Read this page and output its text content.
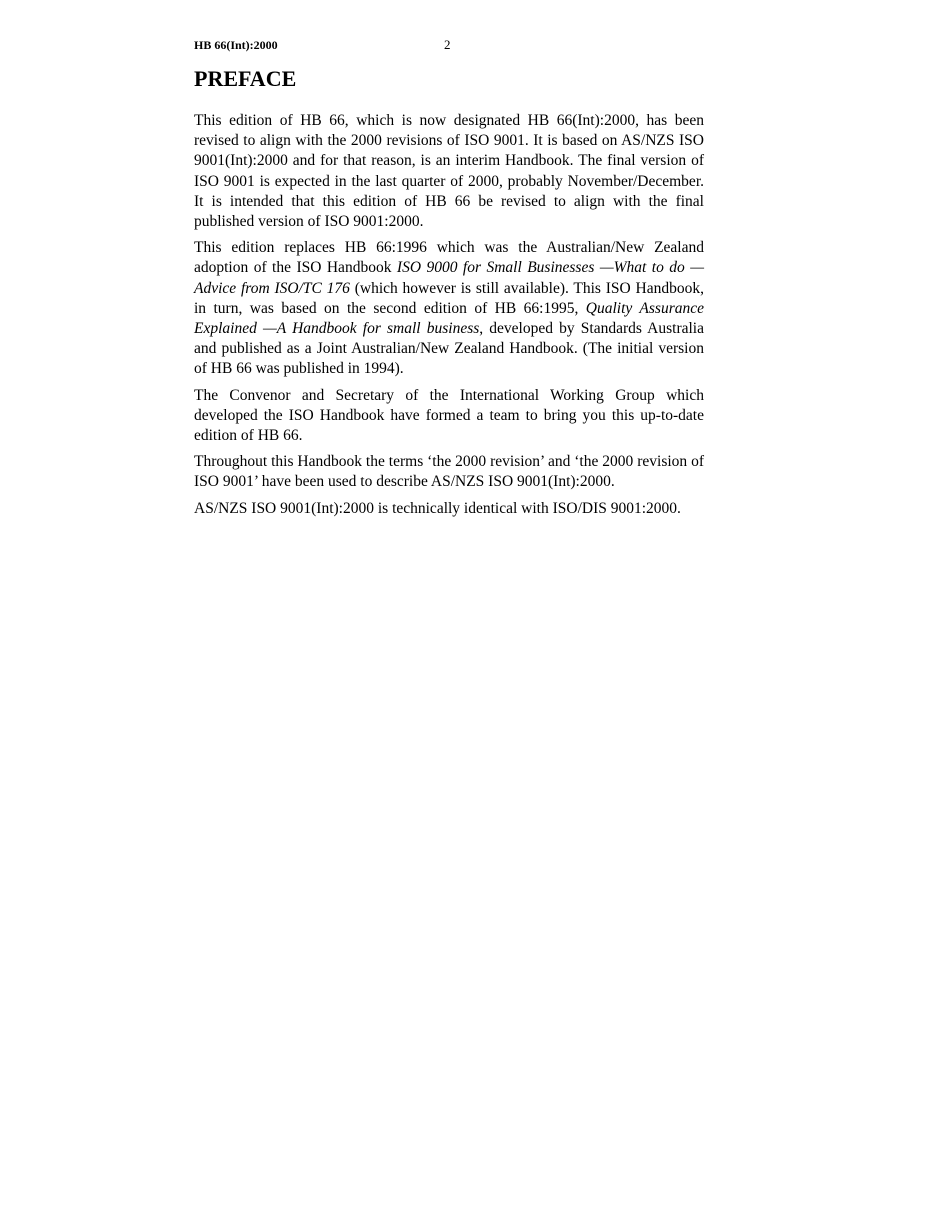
HB 66(Int):2000	2
PREFACE

This edition of HB 66, which is now designated HB 66(Int):2000, has been revised to align with the 2000 revisions of ISO 9001. It is based on AS/NZS ISO 9001(Int):2000 and for that reason, is an interim Handbook. The final version of ISO 9001 is expected in the last quarter of 2000, probably November/December. It is intended that this edition of HB 66 be revised to align with the final published version of ISO 9001:2000.

This edition replaces HB 66:1996 which was the Australian/New Zealand adoption of the ISO Handbook ISO 9000 for Small Businesses —What to do —Advice from ISO/TC 176 (which however is still available). This ISO Handbook, in turn, was based on the second edition of HB 66:1995, Quality Assurance Explained —A Handbook for small business, developed by Standards Australia and published as a Joint Australian/New Zealand Handbook. (The initial version of HB 66 was published in 1994).

The Convenor and Secretary of the International Working Group which developed the ISO Handbook have formed a team to bring you this up-to-date edition of HB 66.

Throughout this Handbook the terms ‘the 2000 revision’ and ‘the 2000 revision of ISO 9001’ have been used to describe AS/NZS ISO 9001(Int):2000.

AS/NZS ISO 9001(Int):2000 is technically identical with ISO/DIS 9001:2000.
